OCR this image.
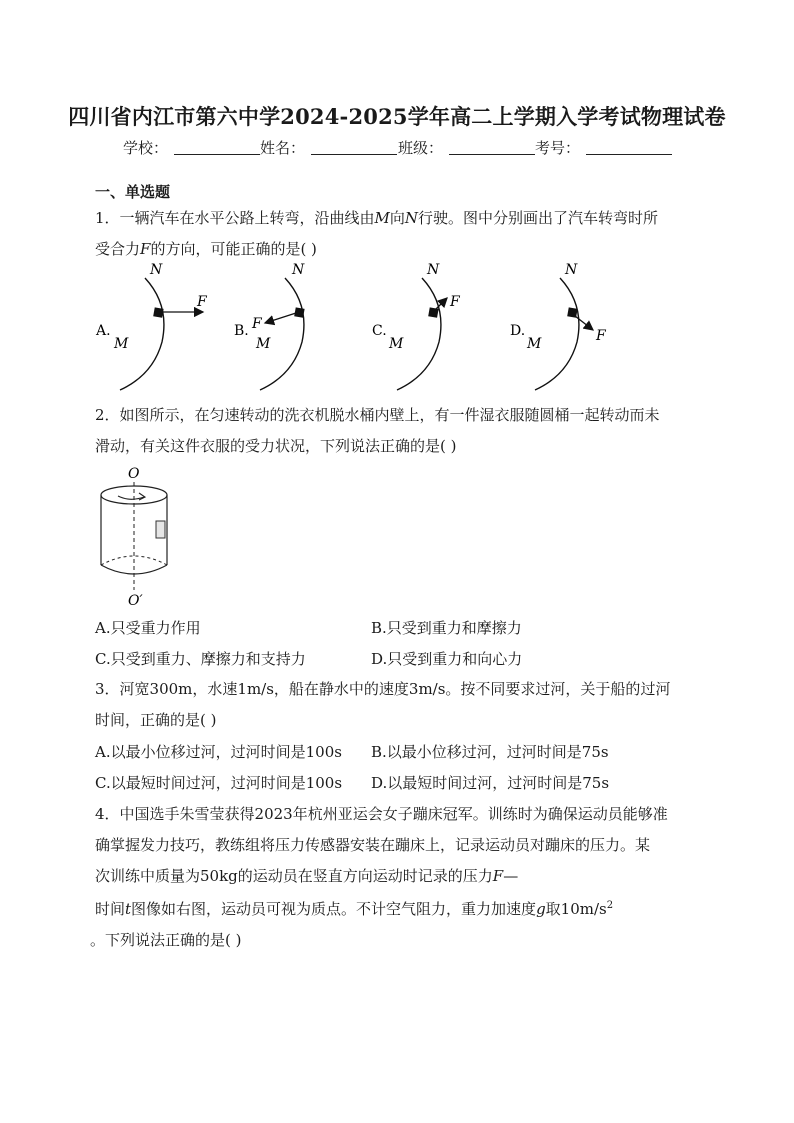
四川省内江市第六中学2024-2025学年高二上学期入学考试物理试卷
学校：	姓名：	班级：	考号：
一、单选题
1．一辆汽车在水平公路上转弯，沿曲线由M向N行驶。图中分别画出了汽车转弯时所
受合力F的方向，可能正确的是( )
A.
N
M
F
B.
N
M
F	C.
N
M
F
D.
N
M	F
2．如图所示，在匀速转动的洗衣机脱水桶内壁上，有一件湿衣服随圆桶一起转动而未
滑动，有关这件衣服的受力状况，下列说法正确的是( )
O
O′
A.只受重力作用	B.只受到重力和摩擦力
C.只受到重力、摩擦力和支持力	D.只受到重力和向心力
3．河宽300m，水速1m/s，船在静水中的速度3m/s。按不同要求过河，关于船的过河
时间，正确的是( )
A.以最小位移过河，过河时间是100s B.以最小位移过河，过河时间是75s
C.以最短时间过河，过河时间是100s D.以最短时间过河，过河时间是75s
4．中国选手朱雪莹获得2023年杭州亚运会女子蹦床冠军。训练时为确保运动员能够准
确掌握发力技巧，教练组将压力传感器安装在蹦床上，记录运动员对蹦床的压力。某
次训练中质量为50kg的运动员在竖直方向运动时记录的压力F—
时间t图像如右图，运动员可视为质点。不计空气阻力，重力加速度g取$10m/s^2$
。下列说法正确的是( )
